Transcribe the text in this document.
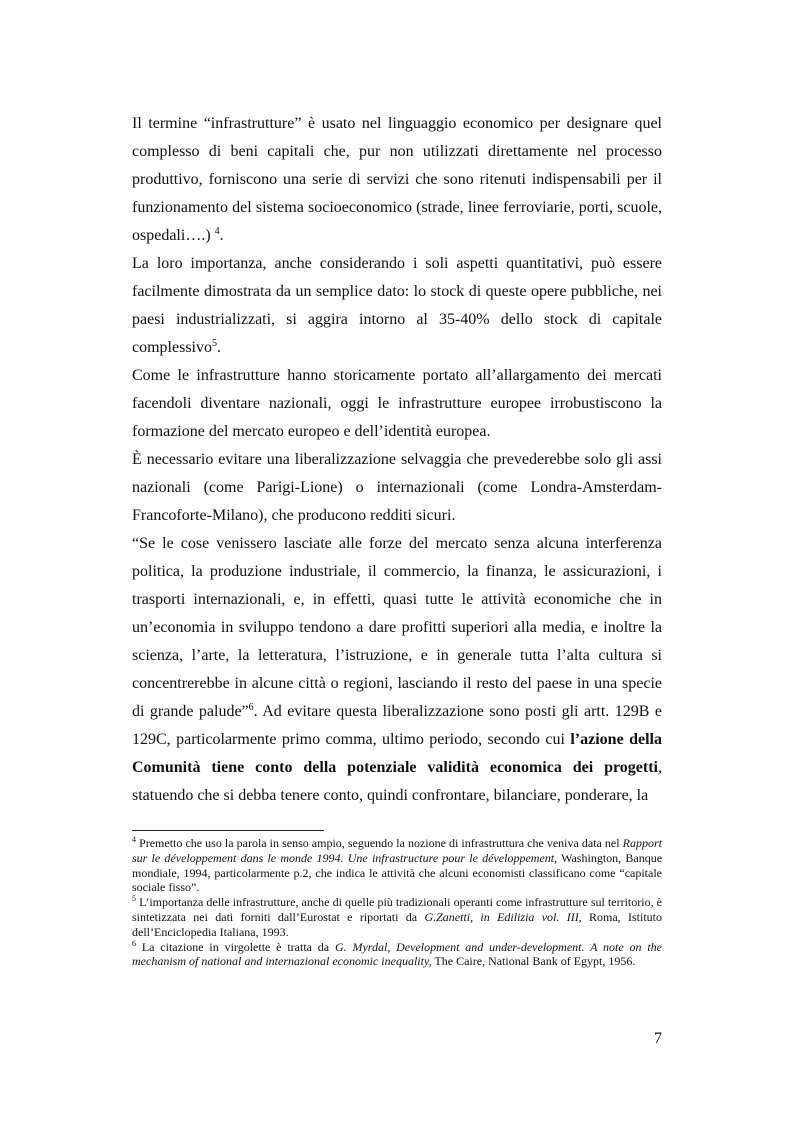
Il termine “infrastrutture” è usato nel linguaggio economico per designare quel complesso di beni capitali che, pur non utilizzati direttamente nel processo produttivo, forniscono una serie di servizi che sono ritenuti indispensabili per il funzionamento del sistema socioeconomico (strade, linee ferroviarie, porti, scuole, ospedali….) $^4$.

La loro importanza, anche considerando i soli aspetti quantitativi, può essere facilmente dimostrata da un semplice dato: lo stock di queste opere pubbliche, nei paesi industrializzati, si aggira intorno al 35-40% dello stock di capitale complessivo$^5$.

Come le infrastrutture hanno storicamente portato all’allargamento dei mercati facendoli diventare nazionali, oggi le infrastrutture europee irrobustiscono la formazione del mercato europeo e dell’identità europea.

È necessario evitare una liberalizzazione selvaggia che prevederebbe solo gli assi nazionali (come Parigi-Lione) o internazionali (come Londra-Amsterdam-Francoforte-Milano), che producono redditi sicuri.

“Se le cose venissero lasciate alle forze del mercato senza alcuna interferenza politica, la produzione industriale, il commercio, la finanza, le assicurazioni, i trasporti internazionali, e, in effetti, quasi tutte le attività economiche che in un’economia in sviluppo tendono a dare profitti superiori alla media, e inoltre la scienza, l’arte, la letteratura, l’istruzione, e in generale tutta l’alta cultura si concentrerebbe in alcune città o regioni, lasciando il resto del paese in una specie di grande palude”$^6$. Ad evitare questa liberalizzazione sono posti gli artt. 129B e 129C, particolarmente primo comma, ultimo periodo, secondo cui l’azione della Comunità tiene conto della potenziale validità economica dei progetti, statuendo che si debba tenere conto, quindi confrontare, bilanciare, ponderare, la

$^4$ Premetto che uso la parola in senso ampio, seguendo la nozione di infrastruttura che veniva data nel Rapport sur le développement dans le monde 1994. Une infrastructure pour le développement, Washington, Banque mondiale, 1994, particolarmente p.2, che indica le attività che alcuni economisti classificano come “capitale sociale fisso”.

$^5$ L’importanza delle infrastrutture, anche di quelle più tradizionali operanti come infrastrutture sul territorio, è sintetizzata nei dati forniti dall’Eurostat e riportati da G.Zanetti, in Edilizia vol. III, Roma, Istituto dell’Enciclopedia Italiana, 1993.

$^6$ La citazione in virgolette è tratta da G. Myrdal, Development and under-development. A note on the mechanism of national and internazional economic inequality, The Caire, National Bank of Egypt, 1956.

7
